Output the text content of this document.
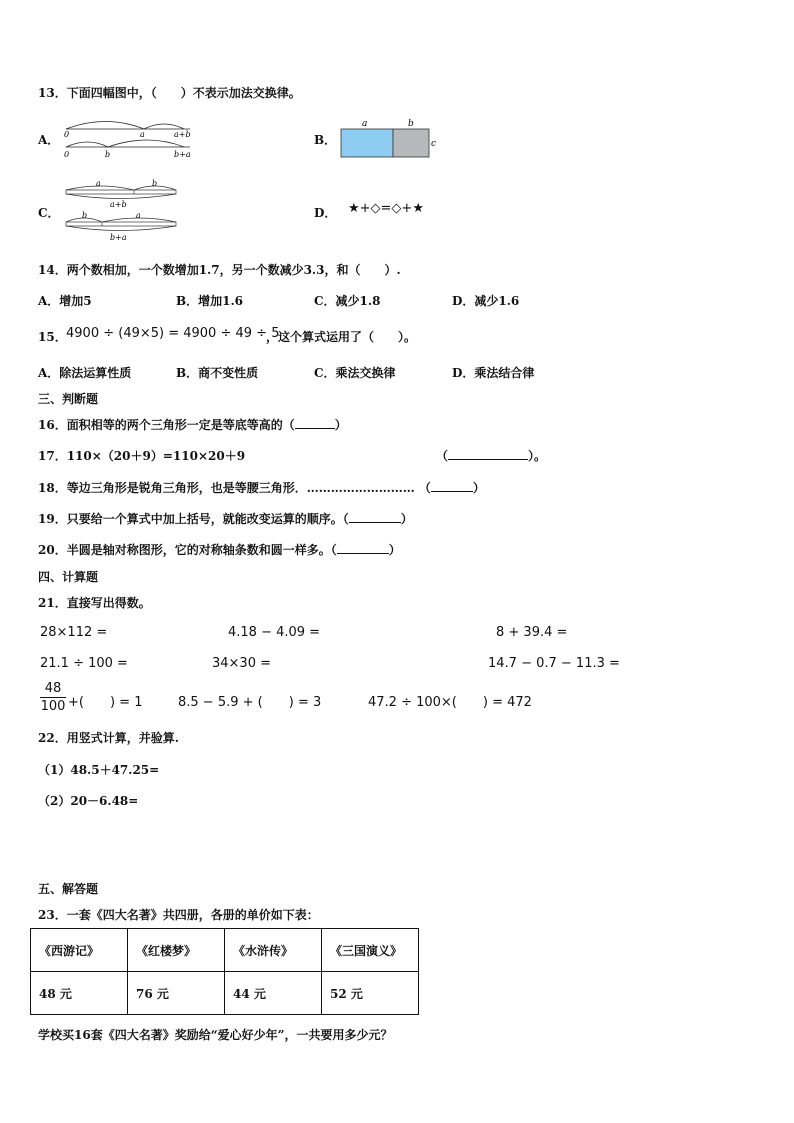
13．下面四幅图中，（　　）不表示加法交换律。
A． 0	a	a+b
0	b	b+a
B．
a	b
c
C．
a	b
a+b
b	a
b+a
D． ★+◇=◇+★
14．两个数相加，一个数增加1.7，另一个数减少3.3，和（　　）.
A．增加5	B．增加1.6	C．减少1.8	D．减少1.6
15． 4900 ÷ (49×5) = 4900 ÷ 49 ÷ 5
，这个算式运用了（　　）。
A．除法运算性质	B．商不变性质	C．乘法交换律	D．乘法结合律
三、判断题
16．面积相等的两个三角形一定是等底等高的（	）
17．110×（20＋9）=110×20＋9	（	）。
18．等边三角形是锐角三角形，也是等腰三角形．……………………… （	）
19．只要给一个算式中加上括号，就能改变运算的顺序。（	）
20．半圆是轴对称图形，它的对称轴条数和圆一样多。（	）
四、计算题
21．直接写出得数。
28×112 =	4.18 − 4.09 =	8 + 39.4 =
21.1 ÷ 100 =	34×30 =	14.7 − 0.7 − 11.3 =
48
100 +(　　) = 1	8.5 − 5.9 + (　　) = 3	47.2 ÷ 100×(　　) = 472
22．用竖式计算，并验算.
（1）48.5＋47.25=
（2）20－6.48=
五、解答题
23．一套《四大名著》共四册，各册的单价如下表：
《西游记》	《红楼梦》	《水浒传》	《三国演义》
48 元	76 元	44 元	52 元
学校买16套《四大名著》奖励给“爱心好少年”，一共要用多少元？
